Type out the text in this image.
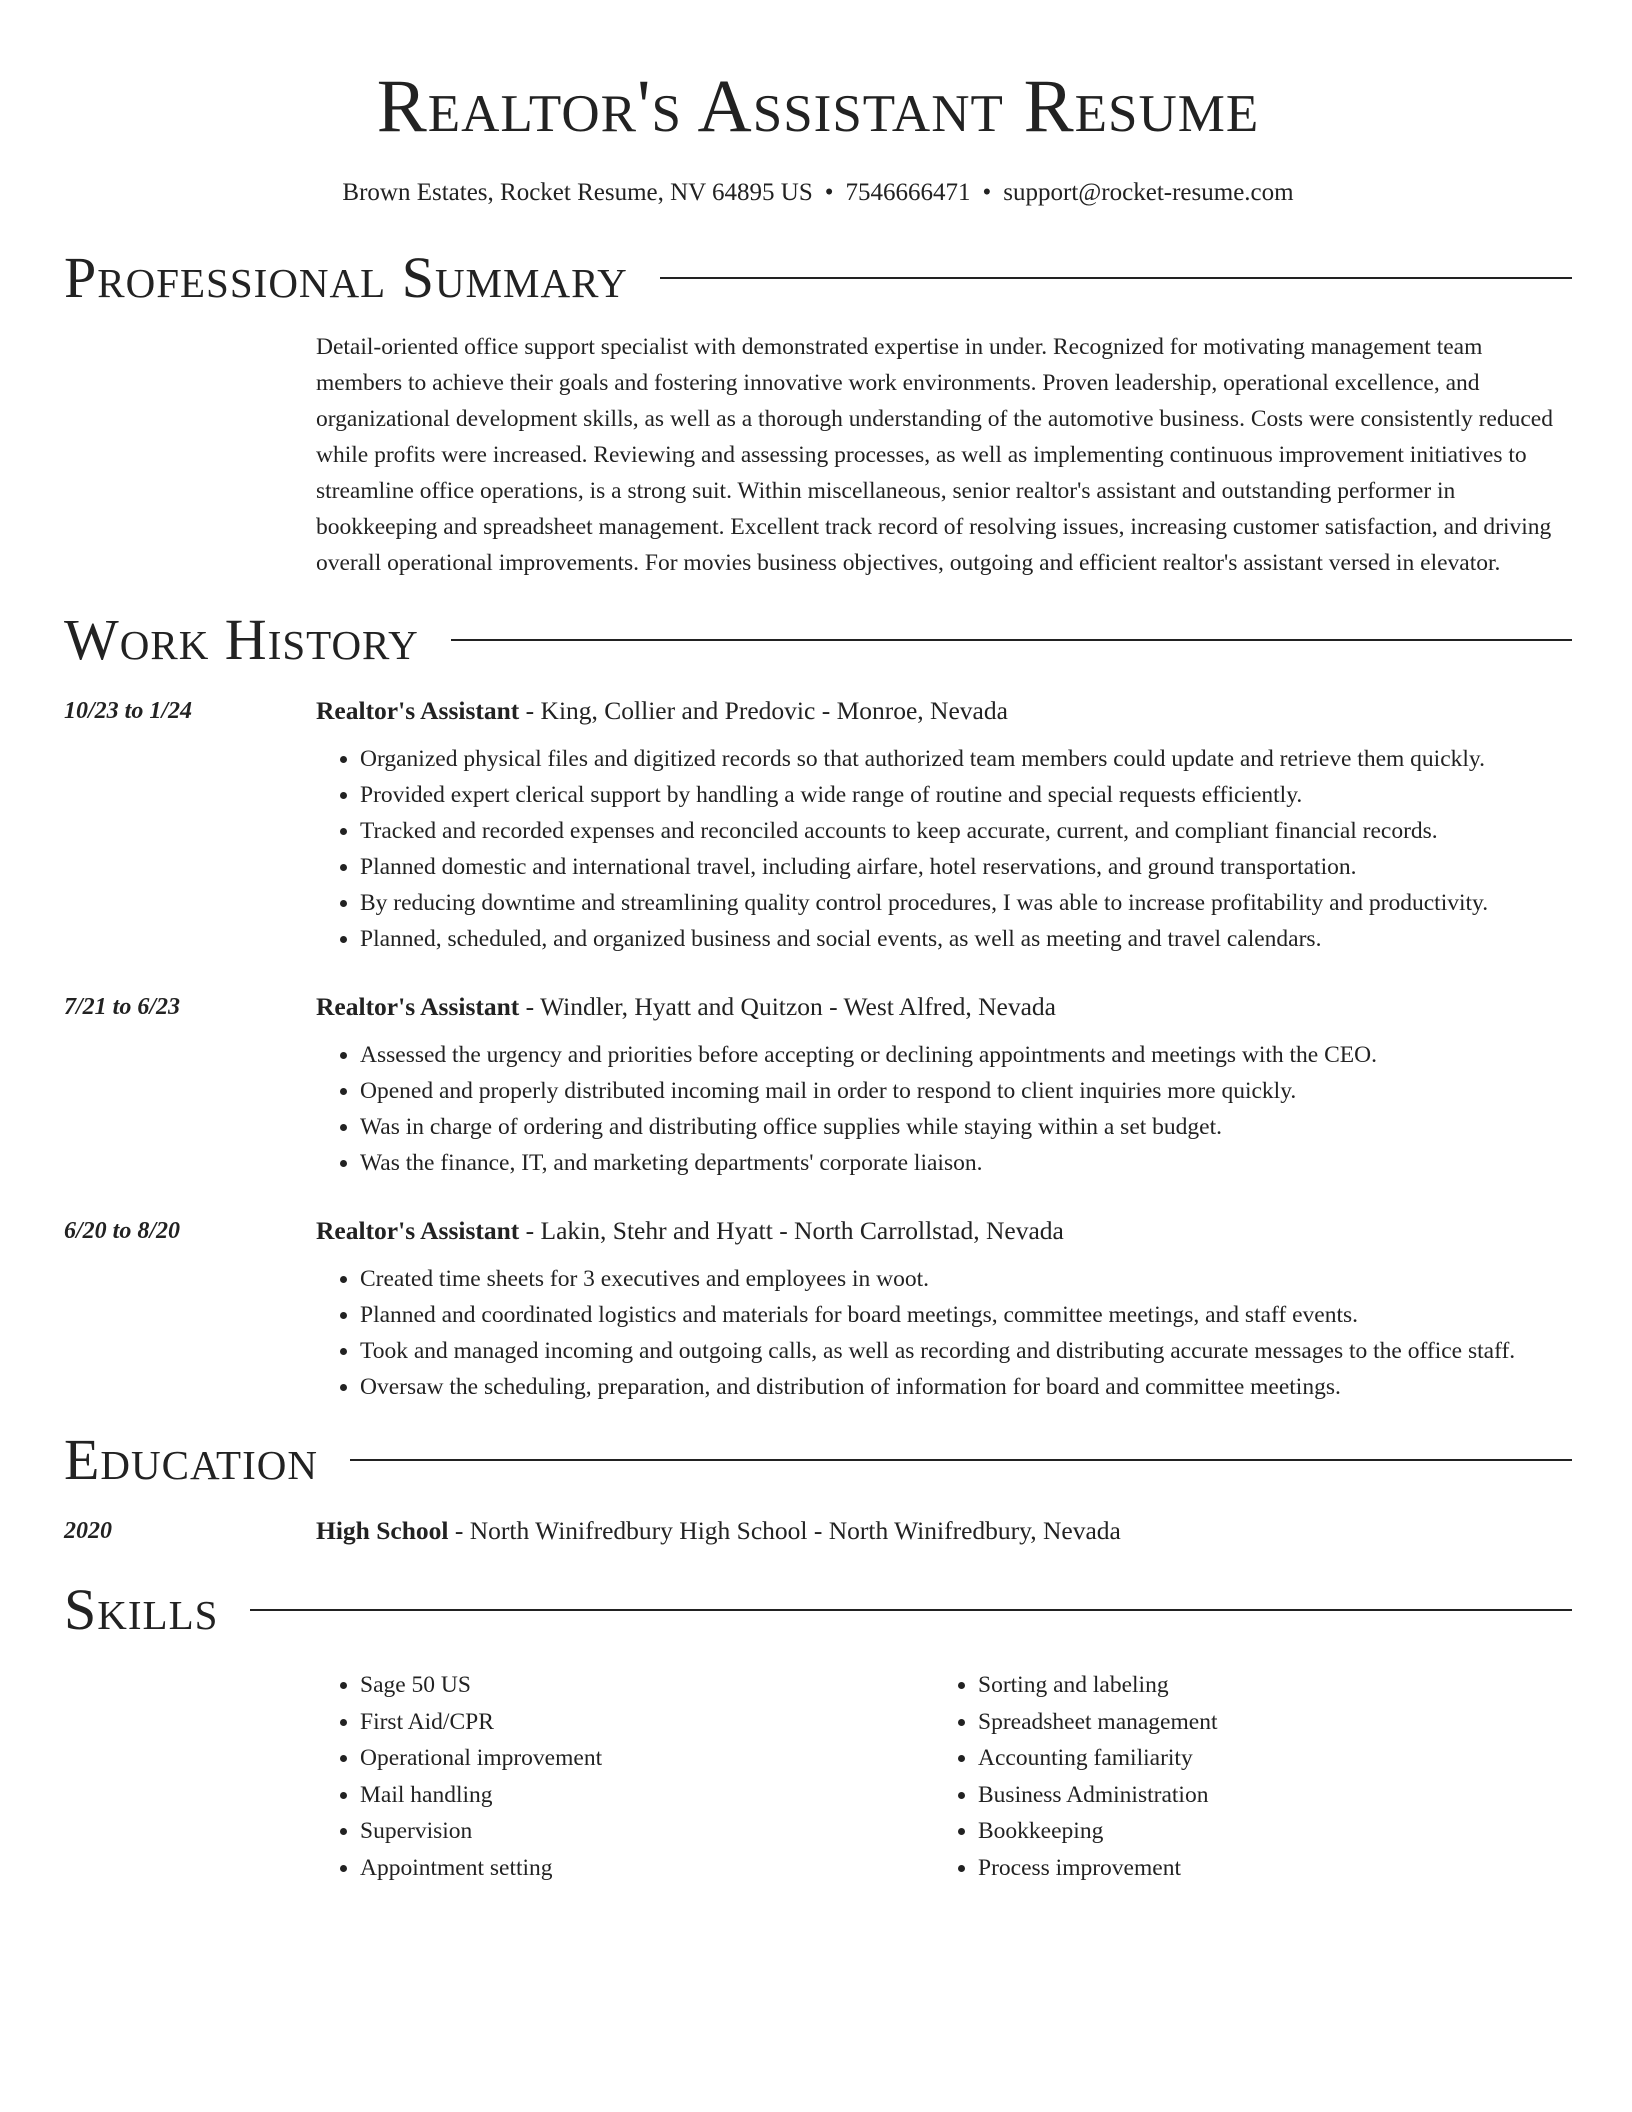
Realtor's Assistant Resume
Brown Estates, Rocket Resume, NV 64895 US • 7546666471 • support@rocket-resume.com
Professional Summary
Detail-oriented office support specialist with demonstrated expertise in under. Recognized for motivating management team members to achieve their goals and fostering innovative work environments. Proven leadership, operational excellence, and organizational development skills, as well as a thorough understanding of the automotive business. Costs were consistently reduced while profits were increased. Reviewing and assessing processes, as well as implementing continuous improvement initiatives to streamline office operations, is a strong suit. Within miscellaneous, senior realtor's assistant and outstanding performer in bookkeeping and spreadsheet management. Excellent track record of resolving issues, increasing customer satisfaction, and driving overall operational improvements. For movies business objectives, outgoing and efficient realtor's assistant versed in elevator.
Work History
10/23 to 1/24	Realtor's Assistant - King, Collier and Predovic - Monroe, Nevada
• Organized physical files and digitized records so that authorized team members could update and retrieve them quickly.
• Provided expert clerical support by handling a wide range of routine and special requests efficiently.
• Tracked and recorded expenses and reconciled accounts to keep accurate, current, and compliant financial records.
• Planned domestic and international travel, including airfare, hotel reservations, and ground transportation.
• By reducing downtime and streamlining quality control procedures, I was able to increase profitability and productivity.
• Planned, scheduled, and organized business and social events, as well as meeting and travel calendars.
7/21 to 6/23	Realtor's Assistant - Windler, Hyatt and Quitzon - West Alfred, Nevada
• Assessed the urgency and priorities before accepting or declining appointments and meetings with the CEO.
• Opened and properly distributed incoming mail in order to respond to client inquiries more quickly.
• Was in charge of ordering and distributing office supplies while staying within a set budget.
• Was the finance, IT, and marketing departments' corporate liaison.
6/20 to 8/20	Realtor's Assistant - Lakin, Stehr and Hyatt - North Carrollstad, Nevada
• Created time sheets for 3 executives and employees in woot.
• Planned and coordinated logistics and materials for board meetings, committee meetings, and staff events.
• Took and managed incoming and outgoing calls, as well as recording and distributing accurate messages to the office staff.
• Oversaw the scheduling, preparation, and distribution of information for board and committee meetings.
Education
2020	High School - North Winifredbury High School - North Winifredbury, Nevada
Skills
• Sage 50 US
• First Aid/CPR
• Operational improvement
• Mail handling
• Supervision
• Appointment setting
• Sorting and labeling
• Spreadsheet management
• Accounting familiarity
• Business Administration
• Bookkeeping
• Process improvement
